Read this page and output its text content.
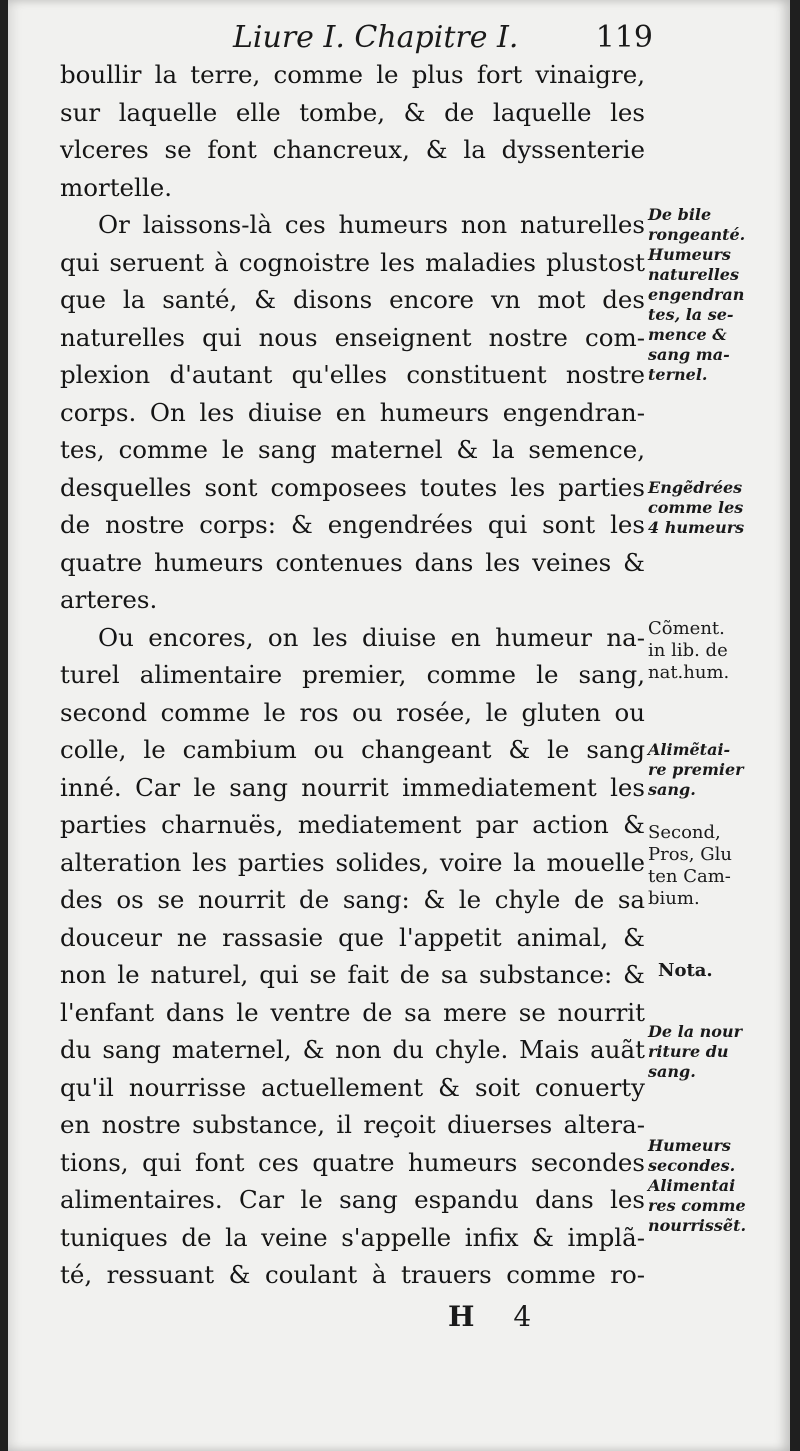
Liure I. Chapitre I.	119
boullir la terre, comme le plus fort vinaigre,
sur laquelle elle tombe, & de laquelle les
vlceres se font chancreux, & la dyssenterie
mortelle.
Or laissons-là ces humeurs non naturelles
qui seruent à cognoistre les maladies plustost
que la santé, & disons encore vn mot des
naturelles qui nous enseignent nostre com-
plexion d'autant qu'elles constituent nostre
corps. On les diuise en humeurs engendran-
tes, comme le sang maternel & la semence,
desquelles sont composees toutes les parties
de nostre corps: & engendrées qui sont les
quatre humeurs contenues dans les veines &
arteres.
Ou encores, on les diuise en humeur na-
turel alimentaire premier, comme le sang,
second comme le ros ou rosée, le gluten ou
colle, le cambium ou changeant & le sang
inné. Car le sang nourrit immediatement les
parties charnuës, mediatement par action &
alteration les parties solides, voire la mouelle
des os se nourrit de sang: & le chyle de sa
douceur ne rassasie que l'appetit animal, &
non le naturel, qui se fait de sa substance: &
l'enfant dans le ventre de sa mere se nourrit
du sang maternel, & non du chyle. Mais auãt
qu'il nourrisse actuellement & soit conuerty
en nostre substance, il reçoit diuerses altera-
tions, qui font ces quatre humeurs secondes
alimentaires. Car le sang espandu dans les
tuniques de la veine s'appelle infix & implã-
té, ressuant & coulant à trauers comme ro-
De bile
rongeanté.
Humeurs
naturelles
engendran
tes, la se-
mence &
sang ma-
ternel.
Engẽdrées
comme les
4 humeurs
Cõment.
in lib. de
nat.hum.
Alimẽtai-
re premier
sang.
Second,
Pros, Glu
ten Cam-
bium.
Nota.
De la nour
riture du
sang.
Humeurs
secondes.
Alimentai
res comme
nourrissẽt.
H 4
